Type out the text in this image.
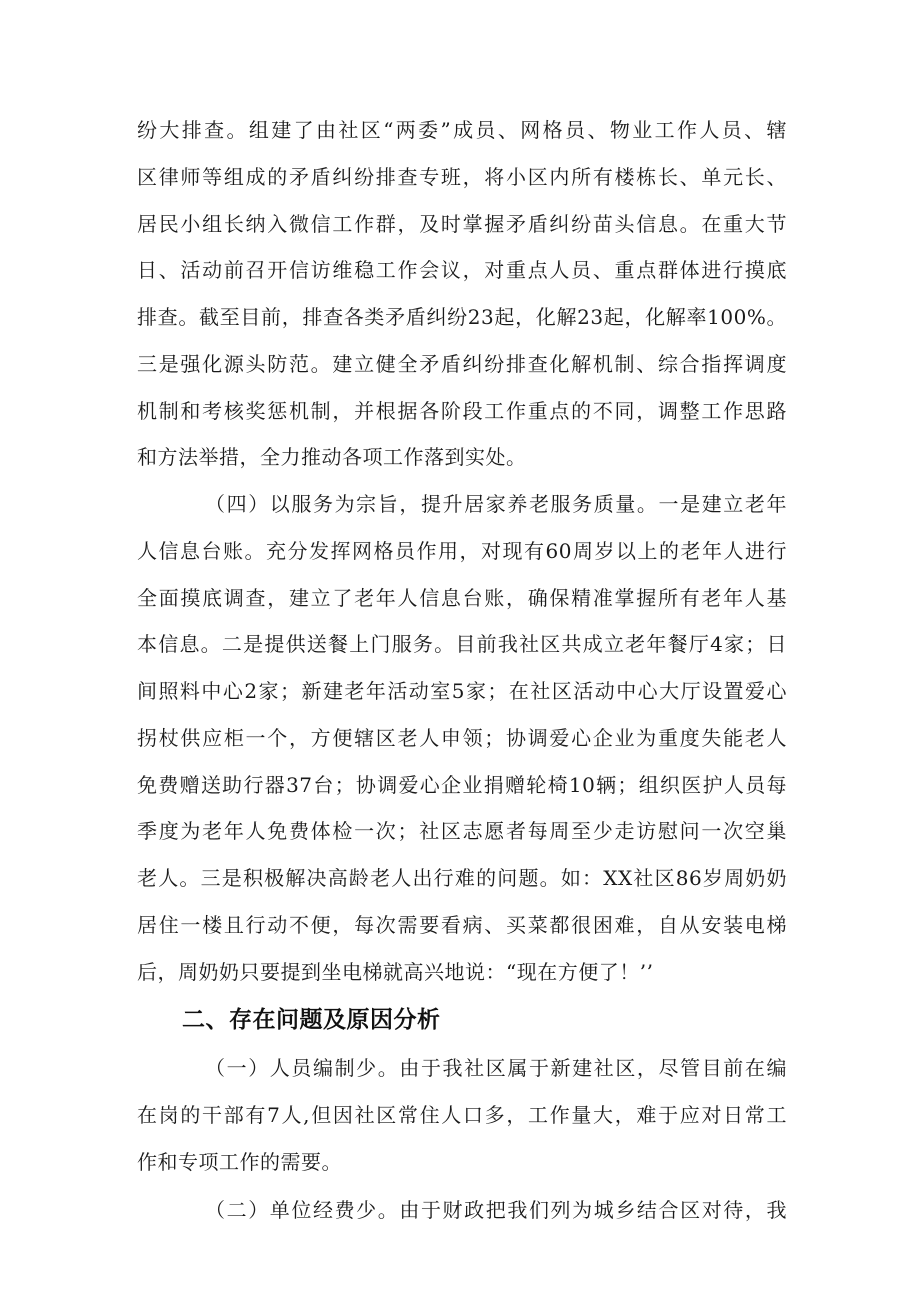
纷大排查。组建了由社区“两委”成员、网格员、物业工作人员、辖
区律师等组成的矛盾纠纷排查专班，将小区内所有楼栋长、单元长、
居民小组长纳入微信工作群，及时掌握矛盾纠纷苗头信息。在重大节
日、活动前召开信访维稳工作会议，对重点人员、重点群体进行摸底
排查。截至目前，排查各类矛盾纠纷23起，化解23起，化解率100%。
三是强化源头防范。建立健全矛盾纠纷排查化解机制、综合指挥调度
机制和考核奖惩机制，并根据各阶段工作重点的不同，调整工作思路
和方法举措，全力推动各项工作落到实处。
（四）以服务为宗旨，提升居家养老服务质量。一是建立老年
人信息台账。充分发挥网格员作用，对现有60周岁以上的老年人进行
全面摸底调查，建立了老年人信息台账，确保精准掌握所有老年人基
本信息。二是提供送餐上门服务。目前我社区共成立老年餐厅4家；日
间照料中心2家；新建老年活动室5家；在社区活动中心大厅设置爱心
拐杖供应柜一个，方便辖区老人申领；协调爱心企业为重度失能老人
免费赠送助行器37台；协调爱心企业捐赠轮椅10辆；组织医护人员每
季度为老年人免费体检一次；社区志愿者每周至少走访慰问一次空巢
老人。三是积极解决高龄老人出行难的问题。如：XX社区86岁周奶奶
居住一楼且行动不便，每次需要看病、买菜都很困难，自从安装电梯
后，周奶奶只要提到坐电梯就高兴地说：“现在方便了！’’
二、存在问题及原因分析
（一）人员编制少。由于我社区属于新建社区，尽管目前在编
在岗的干部有7人,但因社区常住人口多，工作量大，难于应对日常工
作和专项工作的需要。
（二）单位经费少。由于财政把我们列为城乡结合区对待，我
